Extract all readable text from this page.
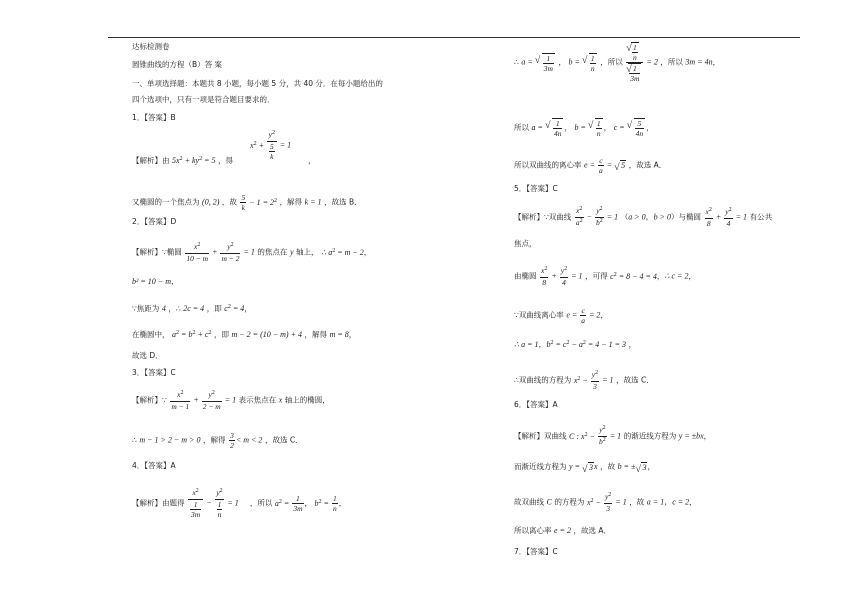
达标检测卷
圆锥曲线的方程（B）答 案
一、单项选择题：本题共 8 小题，每小题 5 分，共 40 分．在每小题给出的
四个选项中，只有一项是符合题目要求的．
1．【答案】B
$x^2 + y^2$
5
k = 1
【解析】由 $5x^2 + ky^2 = 5$ ，得	，
又椭圆的一个焦点为 (0, 2) ，故 $\frac{5}{k} - 1 = 2^2$ ，解得 k = 1 ，故选 B．
2．【答案】D
【解析】∵椭圆 $\frac{x^2}{10 - m} + \frac{y^2}{m - 2} = 1$ 的焦点在 y 轴上， ∴ $a^2 = m - 2$，
b² = 10 − m，
∵焦距为 4 ，∴ 2c = 4 ，即 $c^2 = 4$，
在椭圆中， $a^2 = b^2 + c^2$ ，即 m − 2 = (10 − m) + 4 ，解得 m = 8，
故选 D．
3．【答案】C
【解析】∵ $\frac{x^2}{m - 1} + \frac{y^2}{2 - m} = 1$ 表示焦点在 x 轴上的椭圆，
∴ m − 1 > 2 − m > 0 ，解得 $\frac{3}{2} < m < 2$ ，故选 C．
4．【答案】A
【解析】由题得 $x^2$
1
$3m - y^2$
1
n = 1 ，所以 $a^2 = \frac{1}{3m}$ ， $b^2 = \frac{1}{n}$ ，
∴ a = √ $\frac{1}{3m}$ ， b = √ $\frac{1}{n}$ ，所以 √ $\frac{1}{n}$
√ $\frac{1}{3m} = 2$ ，所以 3m = 4n，
所以 a = √ $\frac{1}{4n}$ ， b = √ $\frac{1}{n}$ ， c = √ $\frac{5}{4n}$ ，
所以双曲线的离心率 $e = \frac{c}{a}$ = √ 5 ，故选 A．
5．【答案】C
【解析】∵双曲线 $\frac{x^2}{a^2} - \frac{y^2}{b^2} = 1$ （a > 0，b > 0）与椭圆 $\frac{x^2}{8} + \frac{y^2}{4} = 1$ 有公共
焦点，
由椭圆 $\frac{x^2}{8} + \frac{y^2}{4} = 1$ ，可得 $c^2 = 8 - 4 = 4$，∴ c = 2，
∵双曲线离心率 $e = \frac{c}{a} = 2$，
∴ a = 1，$b^2 = c^2 - a^2 = 4 - 1 = 3$ ，
∴双曲线的方程为 $x^2 - \frac{y^2}{3} = 1$ ，故选 C．
6．【答案】A
【解析】双曲线 C : $x^2 - \frac{y^2}{b^2} = 1$ 的渐近线方程为 y = ±bx，
而渐近线方程为 y = √ 3x ，故 b = ± √ 3，
故双曲线 C 的方程为 $x^2 - \frac{y^2}{3} = 1$ ，故 a = 1，c = 2，
所以离心率 e = 2 ，故选 A．
7．【答案】C
